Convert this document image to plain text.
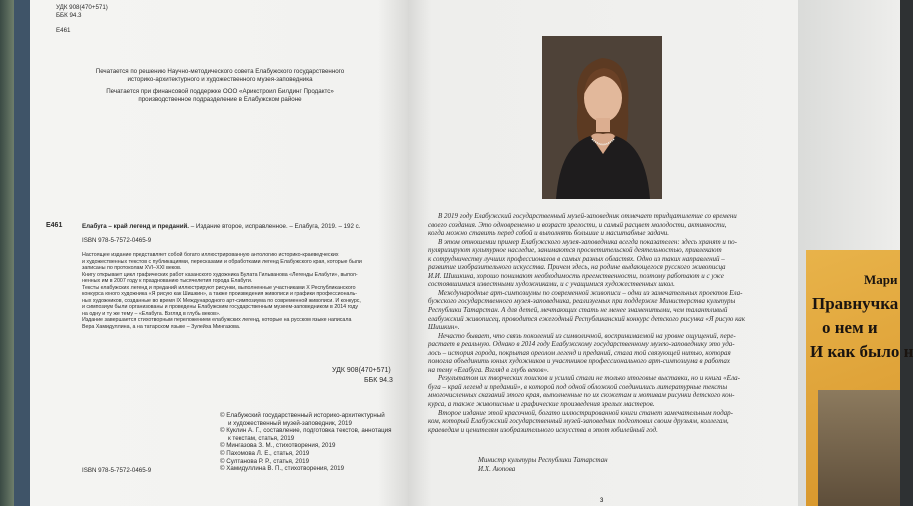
УДК 908(470+571)

ББК 94.3

Е461

Печатается по решению Научно-методического совета Елабужского государственного
историко-архитектурного и художественного музея-заповедника
Печатается при финансовой поддержке ООО «Арикстроил Билдинг Продактс»
производственное подразделение в Елабужском районе

Е461	Елабуга – край легенд и преданий. – Издание второе, исправленное. – Елабуга, 2019. – 192 с.

ISBN 978-5-7572-0465-9

Настоящее издание представляет собой богато иллюстрированную антологию историко-краеведческих
и художественных текстов с публикациями, пересказами и обработками легенд Елабужского края, которые были
записаны по протоколам XVI–XXI веков.
Книгу открывает цикл графических работ казанского художника Булата Гильванова «Легенды Елабуги», выпол-
ненных им в 2007 году к празднованию тысячелетия города Елабуги.
Тексты елабужских легенд и преданий иллюстрируют рисунки, выполненные участниками X Республиканского
конкурса юного художника «Я рисую как Шишкин», а также произведения живописи и графики профессиональ-
ных художников, созданные во время IX Международного арт-симпозиума по современной живописи. И конкурс,
и симпозиум были организованы и проведены Елабужским государственным музеем-заповедником в 2014 году
на одну и ту же тему – «Елабуга. Взгляд в глубь веков».
Издание завершается стихотворным переложением елабужских легенд, которые на русском языке написала
Вера Хамидуллина, а на татарском языке – Зулейха Мингазова.

УДК 908(470+571)

ББК 94.3

© Елабужский государственный историко-архитектурный
и художественный музей-заповедник, 2019
© Куклин А. Г., составление, подготовка текстов, аннотация
к текстам, статья, 2019
© Мингазова З. М., стихотворения, 2019
© Пахомова Л. Е., статья, 2019
© Султанова Р. Р., статья, 2019
© Хамидуллина В. П., стихотворения, 2019

ISBN 978-5-7572-0465-9

В 2019 году Елабужский государственный музей-заповедник отмечает тридцатилетие со времени
своего создания. Это одновременно и возраст зрелости, и самый расцвет молодости, активности,
когда можно ставить перед собой и выполнять большие и масштабные задачи.
В этом отношении пример Елабужского музея-заповедника всегда показателен: здесь хранят и по-
пуляризируют культурное наследие, занимаются просветительской деятельностью, привлекают
к сотрудничеству лучших профессионалов в самых разных областях. Одно из таких направлений –
развитие изобразительного искусства. Причем здесь, на родине выдающегося русского живописца
И.И. Шишкина, хорошо понимают необходимость преемственности, поэтому работают и с уже
состоявшимися известными художниками, и с учащимися художественных школ.
Международные арт-симпозиумы по современной живописи – одни из замечательных проектов Ела-
бужского государственного музея-заповедника, реализуемых при поддержке Министерства культуры
Республики Татарстан. А для детей, мечтающих стать не менее знаменитыми, чем талантливый
елабужский живописец, проводится ежегодный Республиканский конкурс детского рисунка «Я рисую как
Шишкин».
Нечасто бывает, что связь поколений из символичной, воспринимаемой на уровне ощущений, пере-
растает в реальную. Однако в 2014 году Елабужскому государственному музею-заповеднику это уда-
лось – история города, покрытая ореолом легенд и преданий, стала той связующей нитью, которая
помогла объединить юных художников и участников профессионального арт-симпозиума в работах
на тему «Елабуга. Взгляд в глубь веков».
Результатом их творческих поисков и усилий стали не только итоговые выставки, но и книга «Ела-
буга – край легенд и преданий», в которой под одной обложкой соединились литературные тексты
многочисленных сказаний этого края, выполненные по их сюжетам и мотивам рисунки детского кон-
курса, а также живописные и графические произведения зрелых мастеров.
Второе издание этой красочной, богато иллюстрированной книги станет замечательным подар-
ком, который Елабужский государственный музей-заповедник подготовил своим друзьям, коллегам,
краеведам и ценителям изобразительного искусства в этот юбилейный год.
Министр культуры Республики Татарстан
И.Х. Аюпова
3
Мари
Правнучка
о нем и
И как было н
